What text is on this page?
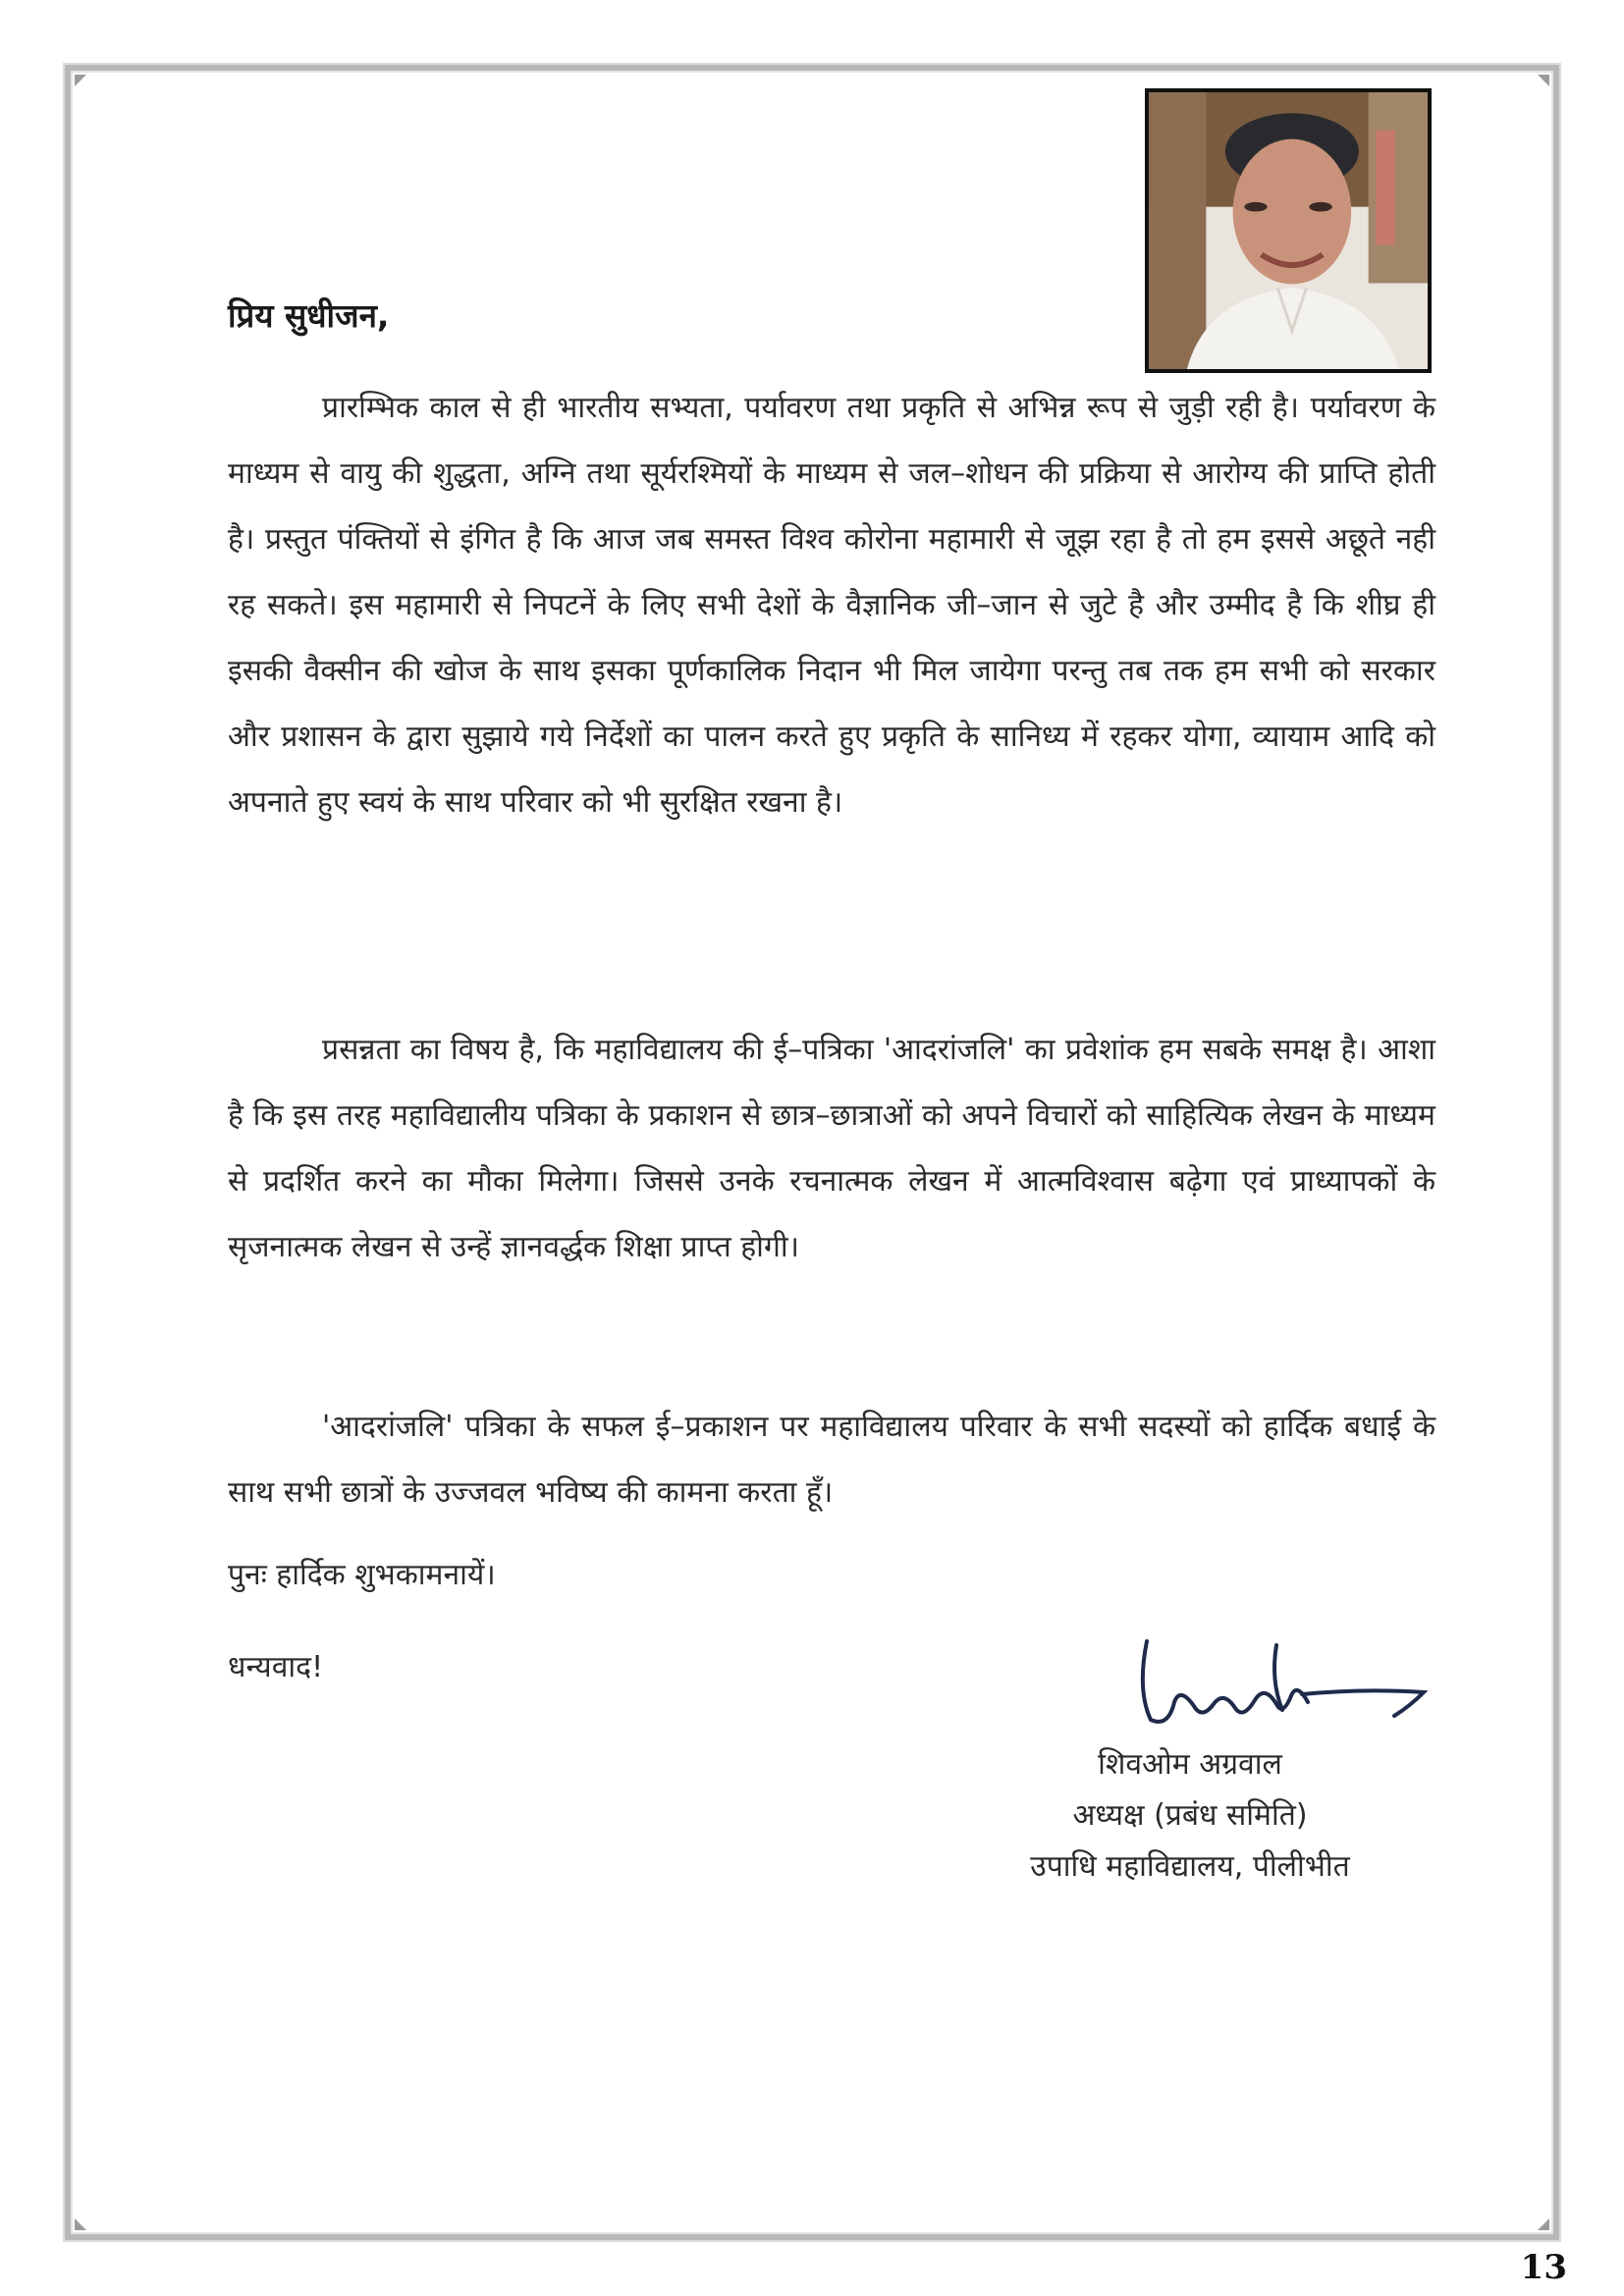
प्रिय सुधीजन,
प्रारम्भिक काल से ही भारतीय सभ्यता, पर्यावरण तथा प्रकृति से अभिन्न रूप से जुड़ी रही है। पर्यावरण के माध्यम से वायु की शुद्धता, अग्नि तथा सूर्यरश्मियों के माध्यम से जल–शोधन की प्रक्रिया से आरोग्य की प्राप्ति होती है। प्रस्तुत पंक्तियों से इंगित है कि आज जब समस्त विश्व कोरोना महामारी से जूझ रहा है तो हम इससे अछूते नही रह सकते। इस महामारी से निपटनें के लिए सभी देशों के वैज्ञानिक जी–जान से जुटे है और उम्मीद है कि शीघ्र ही इसकी वैक्सीन की खोज के साथ इसका पूर्णकालिक निदान भी मिल जायेगा परन्तु तब तक हम सभी को सरकार और प्रशासन के द्वारा सुझाये गये निर्देशों का पालन करते हुए प्रकृति के सानिध्य में रहकर योगा, व्यायाम आदि को अपनाते हुए स्वयं के साथ परिवार को भी सुरक्षित रखना है।
प्रसन्नता का विषय है, कि महाविद्यालय की ई–पत्रिका 'आदरांजलि' का प्रवेशांक हम सबके समक्ष है। आशा है कि इस तरह महाविद्यालीय पत्रिका के प्रकाशन से छात्र–छात्राओं को अपने विचारों को साहित्यिक लेखन के माध्यम से प्रदर्शित करने का मौका मिलेगा। जिससे उनके रचनात्मक लेखन में आत्मविश्वास बढ़ेगा एवं प्राध्यापकों के सृजनात्मक लेखन से उन्हें ज्ञानवर्द्धक शिक्षा प्राप्त होगी।
'आदरांजलि' पत्रिका के सफल ई–प्रकाशन पर महाविद्यालय परिवार के सभी सदस्यों को हार्दिक बधाई के साथ सभी छात्रों के उज्जवल भविष्य की कामना करता हूँ।
पुनः हार्दिक शुभकामनायें।
धन्यवाद!
शिवओम अग्रवाल
अध्यक्ष (प्रबंध समिति)
उपाधि महाविद्यालय, पीलीभीत
13
